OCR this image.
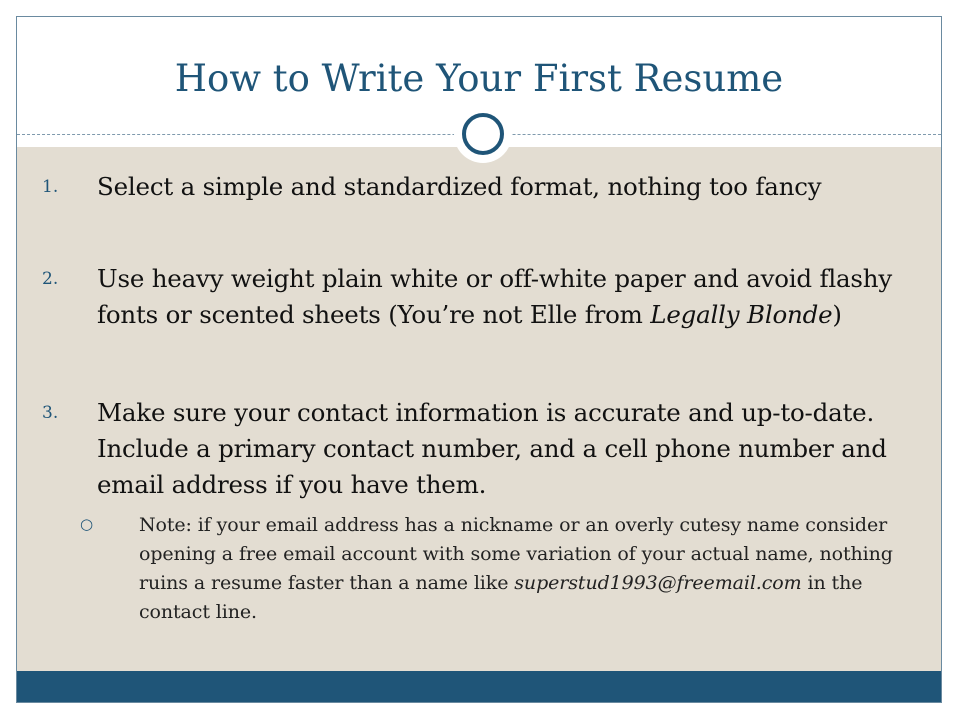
How to Write Your First Resume
1. Select a simple and standardized format, nothing too fancy
2. Use heavy weight plain white or off-white paper and avoid flashy fonts or scented sheets (You’re not Elle from Legally Blonde)
3. Make sure your contact information is accurate and up-to-date. Include a primary contact number, and a cell phone number and email address if you have them.
○ Note: if your email address has a nickname or an overly cutesy name consider opening a free email account with some variation of your actual name, nothing ruins a resume faster than a name like superstud1993@freemail.com in the contact line.
